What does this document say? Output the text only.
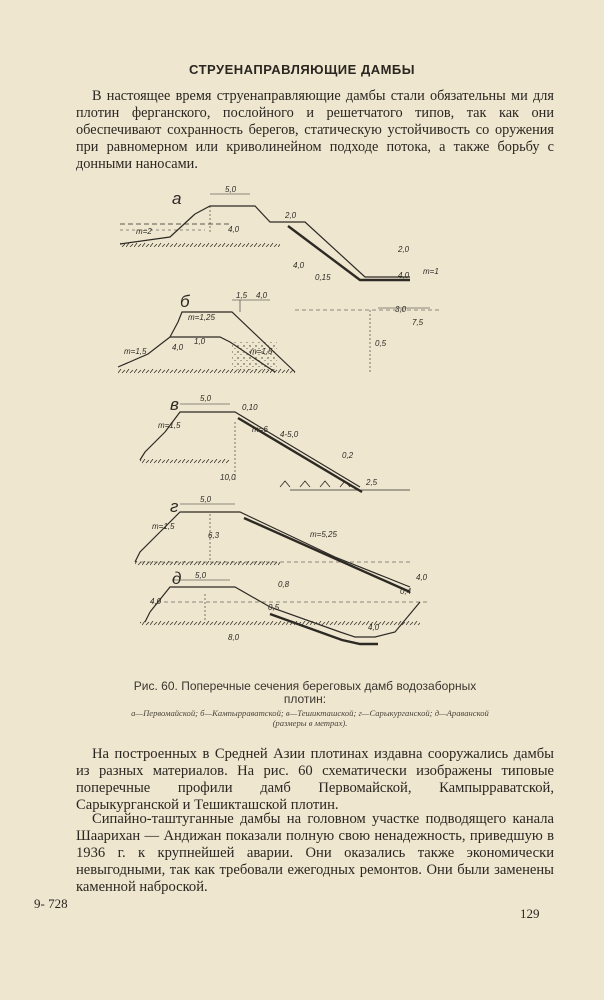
СТРУЕНАПРАВЛЯЮЩИЕ ДАМБЫ

В настоящее время струенаправляющие дамбы стали обязательны ми для плотин ферганского, послойного и решетчатого типов, так как они обеспечивают сохранность берегов, статическую устойчивость со оружения при равномерном или криволинейном подходе потока, а также борьбу с донными наносами.

а	5,0
2,0
4,0
m=2
2,0
4,0
0,15	4,0 m=1
3,0
7,5
б	1,5 4,0
m=1,25
m=1,5	4,0
1,0
m=1,5
0,5
в	5,0
0,10
m=1,5	m=6
4-5,0
0,2
10,0
2,5
г	5,0
m=1,5
6,3	m=5,25
4,0
0,4
д 5,0
0,8
4,0
0,5
8,0
4,0
Рис. 60. Поперечные сечения береговых дамб водозаборных плотин:
а—Первомайской; б—Кампырраватской; в—Тешикташской; г—Сарыкурганской; д—Араванской (размеры в метрах).

На построенных в Средней Азии плотинах издавна сооружались дамбы из разных материалов. На рис. 60 схематически изображены типовые поперечные профили дамб Первомайской, Кампырраватской, Сарыкурганской и Тешикташской плотин.

Сипайно-таштуганные дамбы на головном участке подводящего канала Шаарихан — Андижан показали полную свою ненадежность, приведшую в 1936 г. к крупнейшей аварии. Они оказались также экономически невыгодными, так как требовали ежегодных ремонтов. Они были заменены каменной наброской.

9- 728
129
